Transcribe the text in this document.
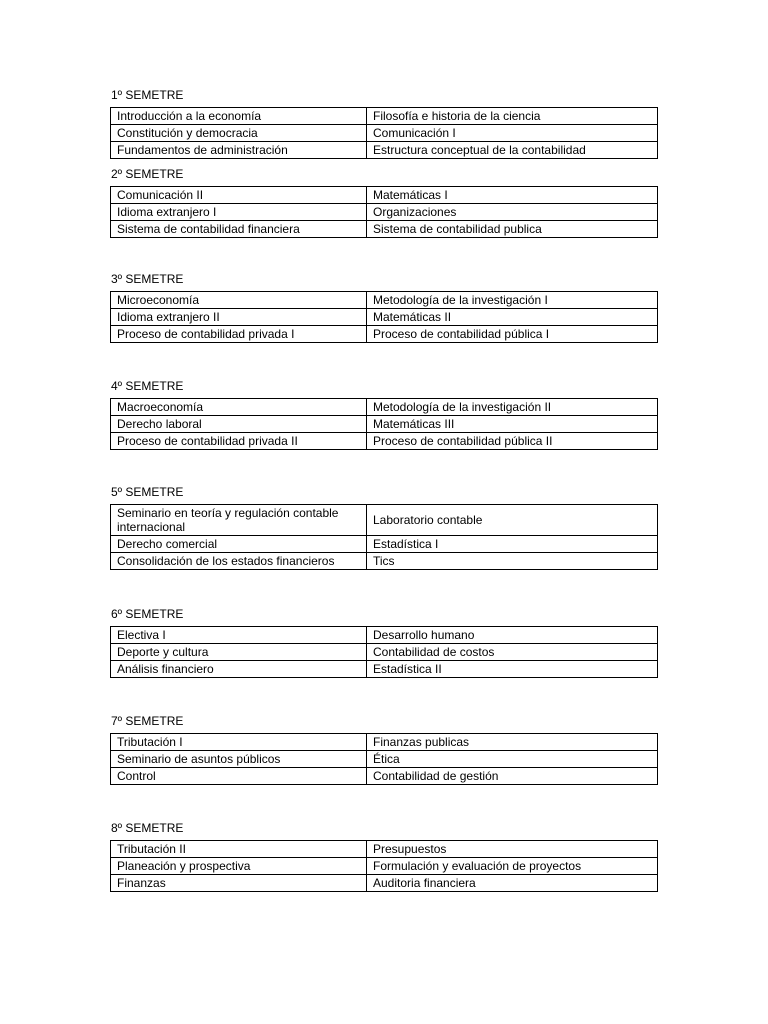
1º SEMETRE
Introducción a la economía	Filosofía e historia de la ciencia
Constitución y democracia	Comunicación I
Fundamentos de administración	Estructura conceptual de la contabilidad
2º SEMETRE
Comunicación II	Matemáticas I
Idioma extranjero I	Organizaciones
Sistema de contabilidad financiera	Sistema de contabilidad publica
3º SEMETRE
Microeconomía	Metodología de la investigación I
Idioma extranjero II	Matemáticas II
Proceso de contabilidad privada I	Proceso de contabilidad pública I
4º SEMETRE
Macroeconomía	Metodología de la investigación II
Derecho laboral	Matemáticas III
Proceso de contabilidad privada II	Proceso de contabilidad pública II
5º SEMETRE
Seminario en teoría y regulación contable internacional	Laboratorio contable
Derecho comercial	Estadística I
Consolidación de los estados financieros	Tics
6º SEMETRE
Electiva I	Desarrollo humano
Deporte y cultura	Contabilidad de costos
Análisis financiero	Estadística II
7º SEMETRE
Tributación I	Finanzas publicas
Seminario de asuntos públicos	Ética
Control	Contabilidad de gestión
8º SEMETRE
Tributación II	Presupuestos
Planeación y prospectiva	Formulación y evaluación de proyectos
Finanzas	Auditoria financiera
